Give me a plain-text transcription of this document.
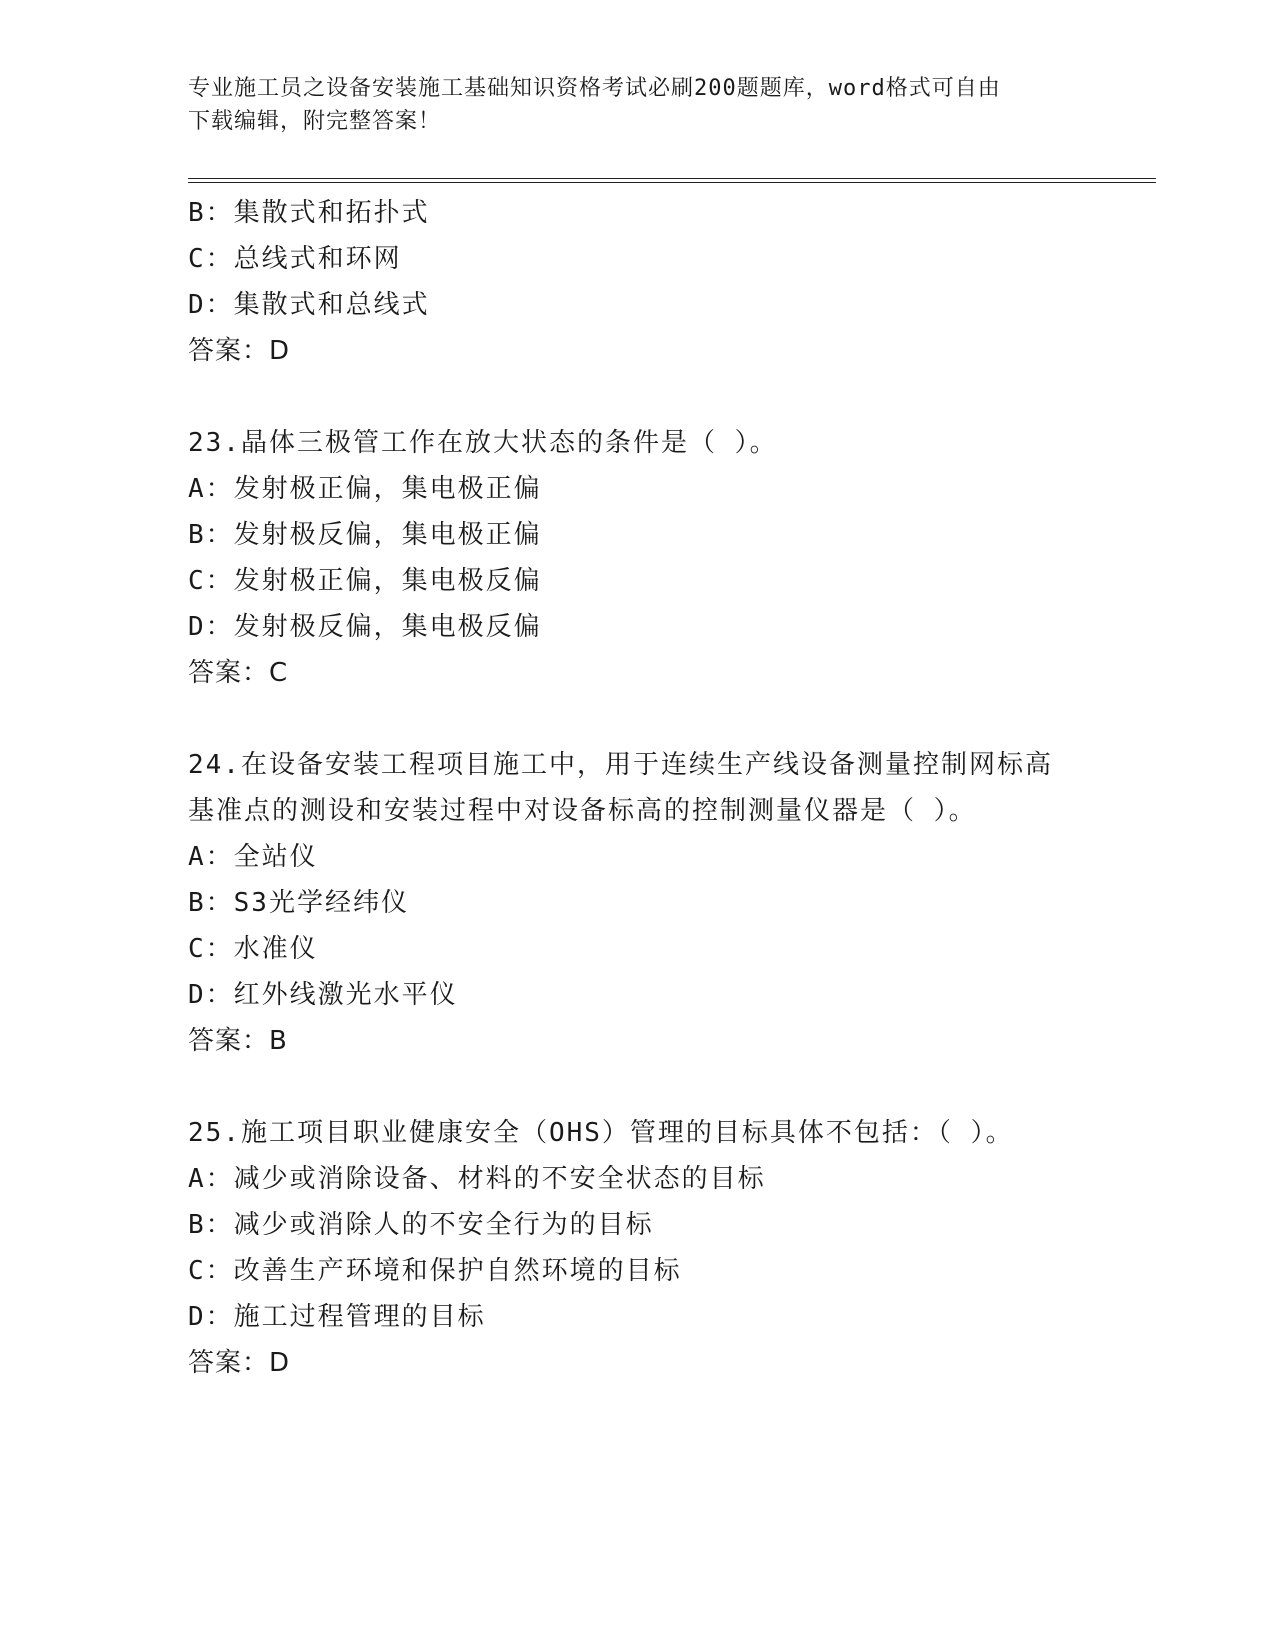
专业施工员之设备安装施工基础知识资格考试必刷200题题库，word格式可自由
下载编辑，附完整答案！
B：集散式和拓扑式
C：总线式和环网
D：集散式和总线式
答案：D
23.晶体三极管工作在放大状态的条件是（ ）。
A：发射极正偏，集电极正偏
B：发射极反偏，集电极正偏
C：发射极正偏，集电极反偏
D：发射极反偏，集电极反偏
答案：C
24.在设备安装工程项目施工中，用于连续生产线设备测量控制网标高
基准点的测设和安装过程中对设备标高的控制测量仪器是（ ）。
A：全站仪
B：S3光学经纬仪
C：水准仪
D：红外线激光水平仪
答案：B
25.施工项目职业健康安全（OHS）管理的目标具体不包括：（ ）。
A：减少或消除设备、材料的不安全状态的目标
B：减少或消除人的不安全行为的目标
C：改善生产环境和保护自然环境的目标
D：施工过程管理的目标
答案：D
